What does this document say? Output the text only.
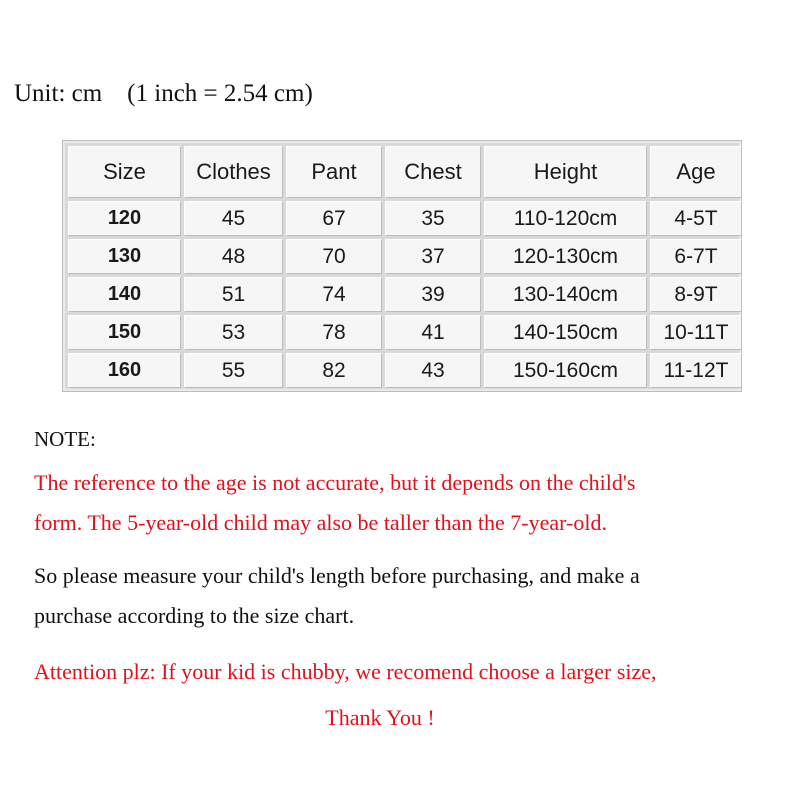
Unit: cm    (1 inch = 2.54 cm)
Size	Clothes	Pant	Chest	Height	Age
120	45	67	35	110-120cm	4-5T
130	48	70	37	120-130cm	6-7T
140	51	74	39	130-140cm	8-9T
150	53	78	41	140-150cm	10-11T
160	55	82	43	150-160cm	11-12T
NOTE:
The reference to the age is not accurate, but it depends on the child's
form. The 5-year-old child may also be taller than the 7-year-old.
So please measure your child's length before purchasing, and make a
purchase according to the size chart.
Attention plz: If your kid is chubby, we recomend choose a larger size,
Thank You !
